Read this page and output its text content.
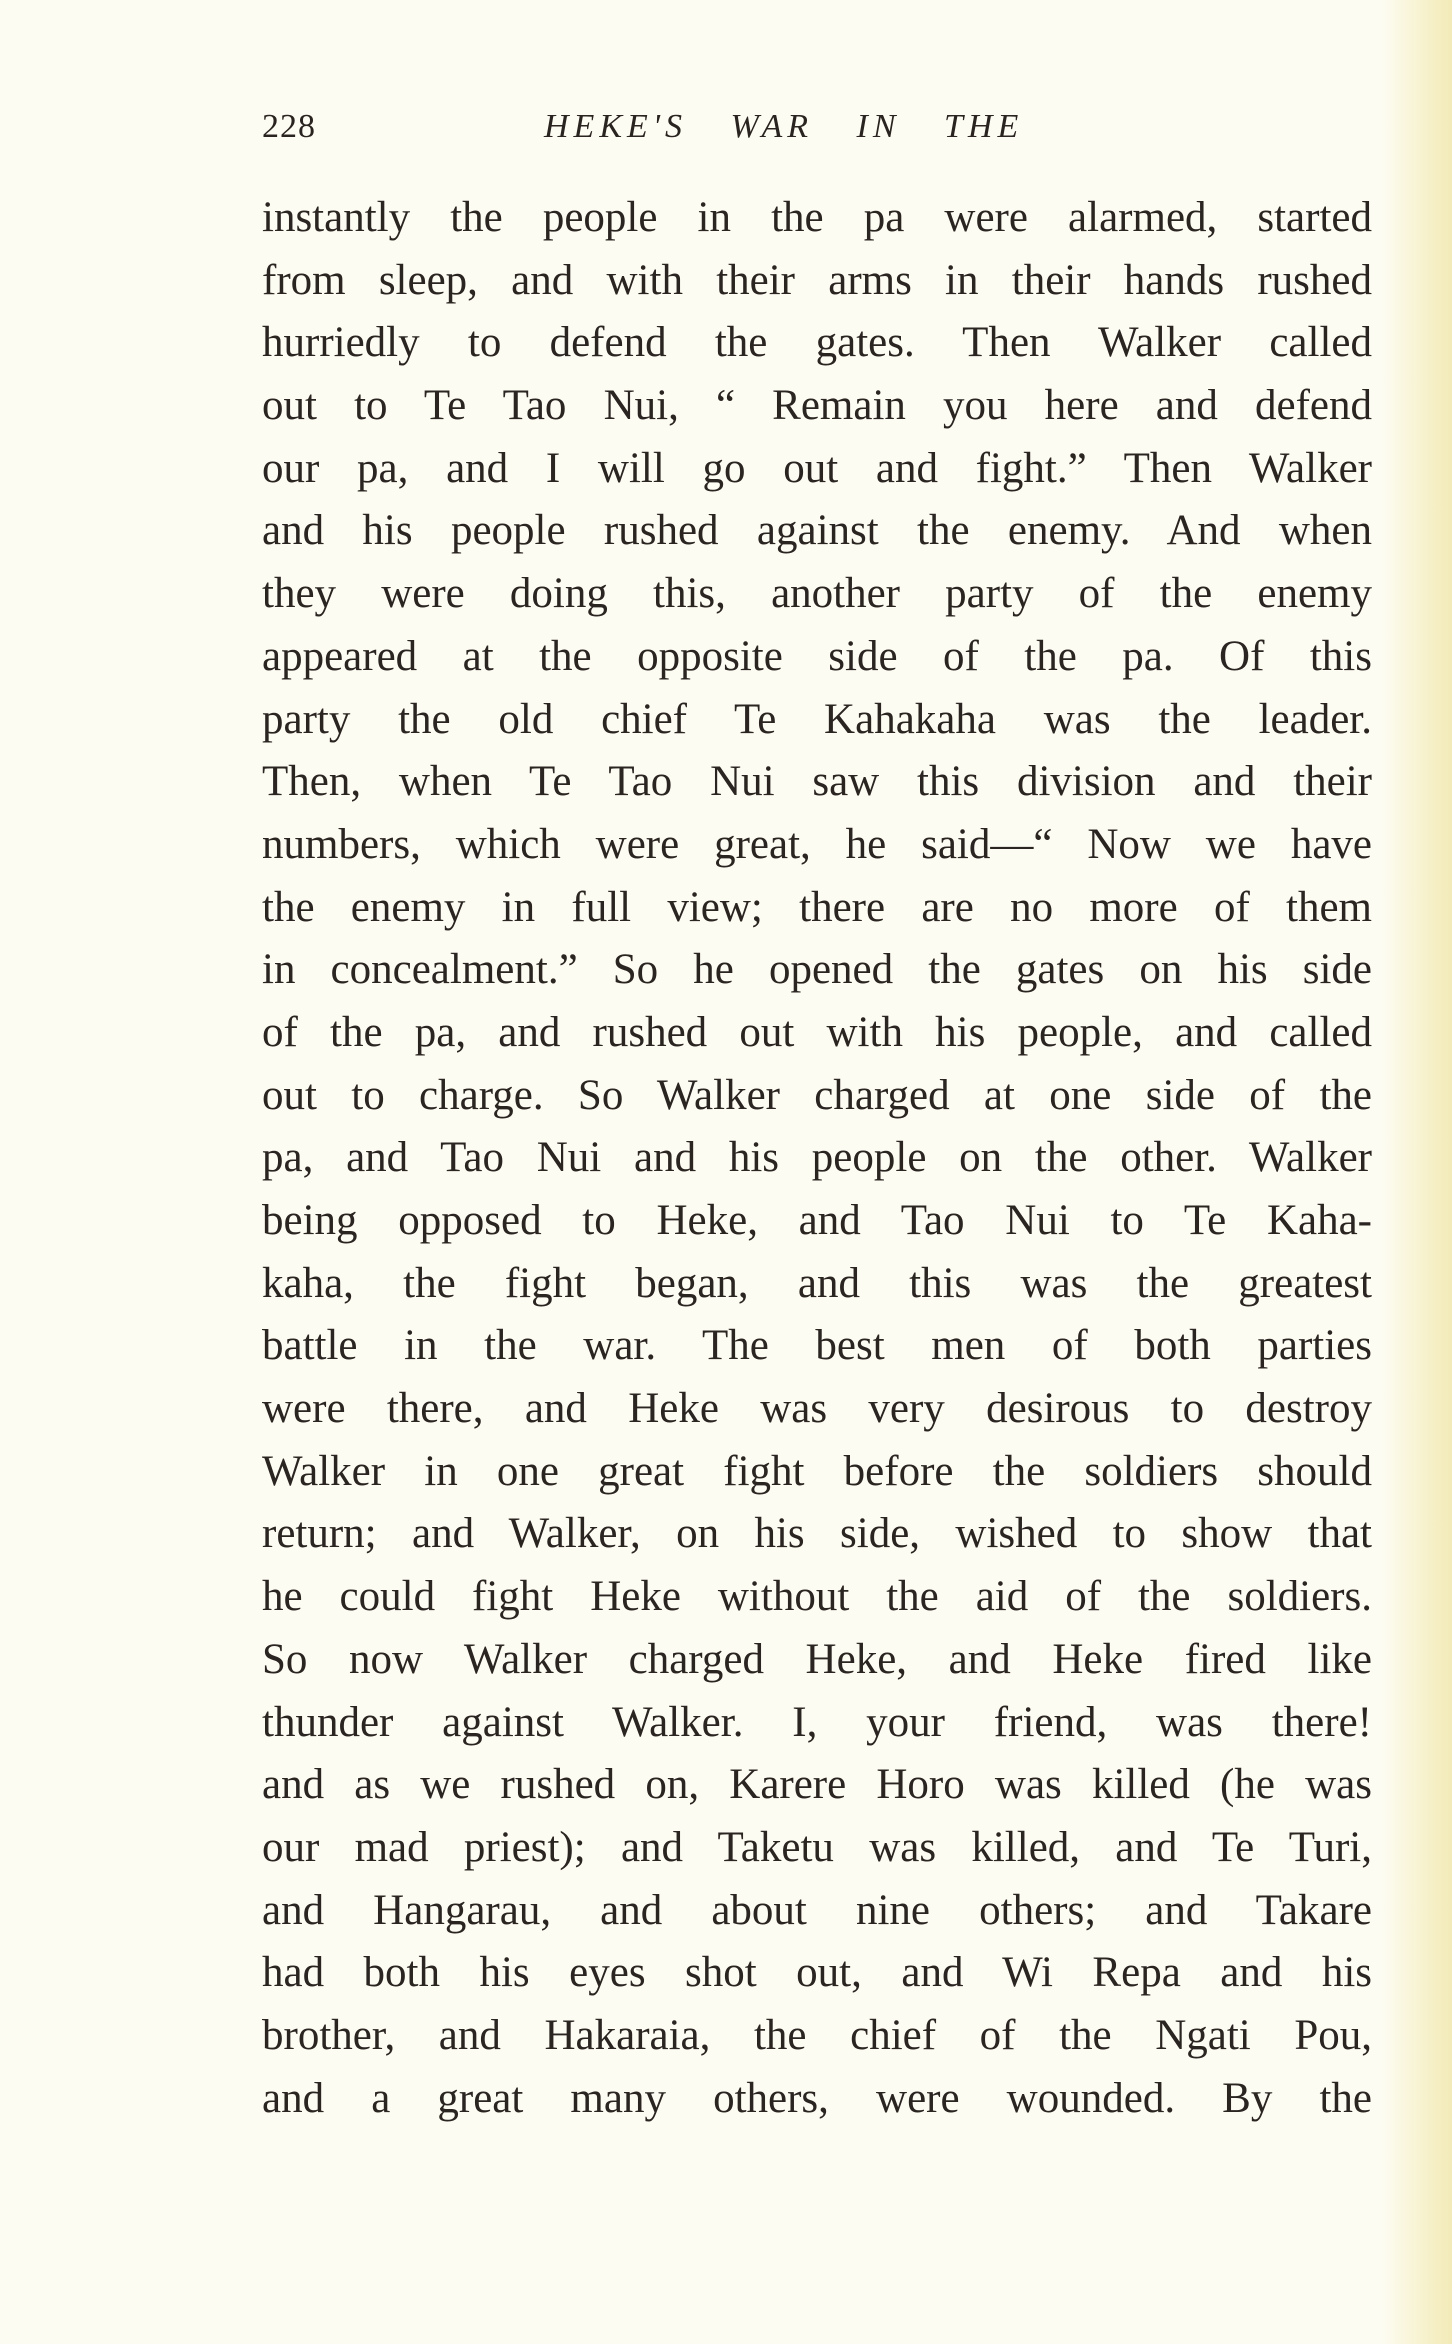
228	HEKE'S WAR IN THE
instantly the people in the pa were alarmed, started
from sleep, and with their arms in their hands rushed
hurriedly to defend the gates. Then Walker called
out to Te Tao Nui, “ Remain you here and defend
our pa, and I will go out and fight.” Then Walker
and his people rushed against the enemy. And when
they were doing this, another party of the enemy
appeared at the opposite side of the pa. Of this
party the old chief Te Kahakaha was the leader.
Then, when Te Tao Nui saw this division and their
numbers, which were great, he said—“ Now we have
the enemy in full view; there are no more of them
in concealment.” So he opened the gates on his side
of the pa, and rushed out with his people, and called
out to charge. So Walker charged at one side of the
pa, and Tao Nui and his people on the other. Walker
being opposed to Heke, and Tao Nui to Te Kaha-
kaha, the fight began, and this was the greatest
battle in the war. The best men of both parties
were there, and Heke was very desirous to destroy
Walker in one great fight before the soldiers should
return; and Walker, on his side, wished to show that
he could fight Heke without the aid of the soldiers.
So now Walker charged Heke, and Heke fired like
thunder against Walker. I, your friend, was there!
and as we rushed on, Karere Horo was killed (he was
our mad priest); and Taketu was killed, and Te Turi,
and Hangarau, and about nine others; and Takare
had both his eyes shot out, and Wi Repa and his
brother, and Hakaraia, the chief of the Ngati Pou,
and a great many others, were wounded. By the
